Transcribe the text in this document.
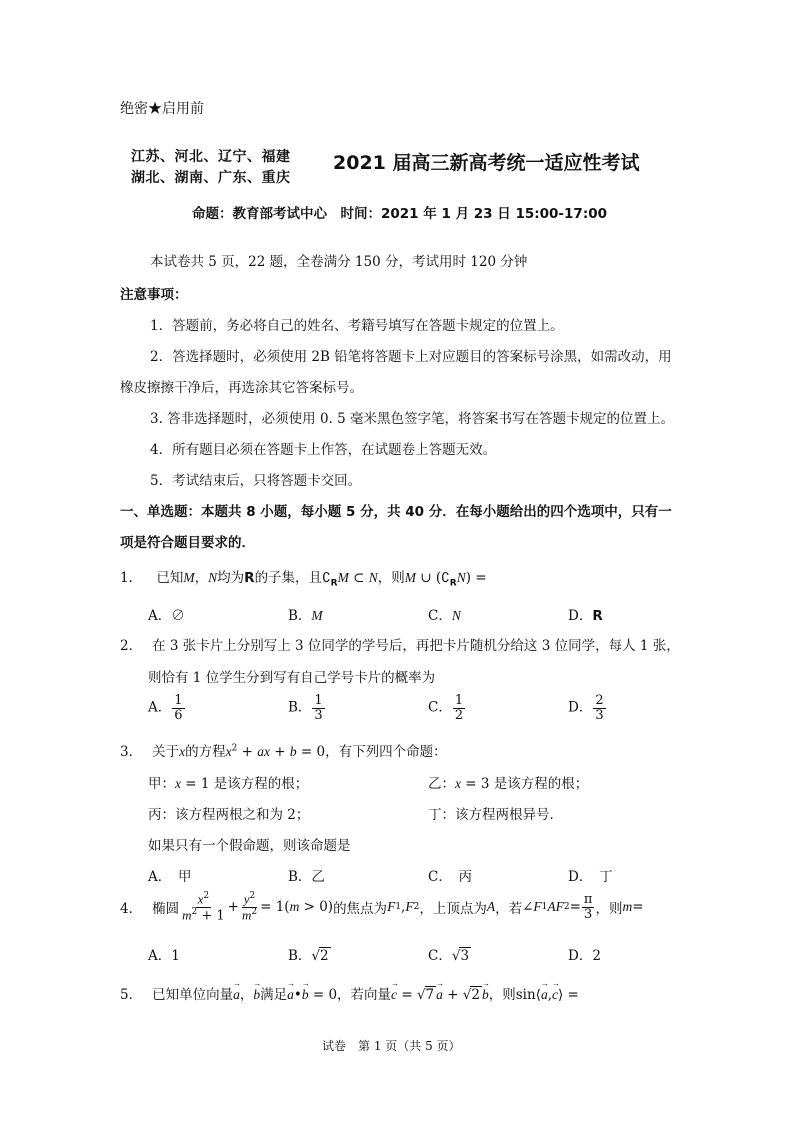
绝密★启用前
江苏、河北、辽宁、福建
湖北、湖南、广东、重庆
2021 届高三新高考统一适应性考试
命题：教育部考试中心　时间：2021 年 1 月 23 日 15:00-17:00
本试卷共 5 页，22 题，全卷满分 150 分，考试用时 120 分钟
注意事项：
1．答题前，务必将自己的姓名、考籍号填写在答题卡规定的位置上。
2．答选择题时，必须使用 2B 铅笔将答题卡上对应题目的答案标号涂黑，如需改动，用
橡皮擦擦干净后，再选涂其它答案标号。
3. 答非选择题时，必须使用 0. 5 毫米黑色签字笔，将答案书写在答题卡规定的位置上。
4．所有题目必须在答题卡上作答，在试题卷上答题无效。
5．考试结束后，只将答题卡交回。
一、单选题：本题共 8 小题，每小题 5 分，共 40 分．在每小题给出的四个选项中，只有一
项是符合题目要求的．
1． 已知M，N均为R的子集，且$∁_RM$ ⊂ N，则M ∪ $(∁_RN)$ =
A．∅	B．M	C．N	D．R
2． 在 3 张卡片上分别写上 3 位同学的学号后，再把卡片随机分给这 3 位同学，每人 1 张，
则恰有 1 位学生分到写有自己学号卡片的概率为
A． $\frac{1}{6}$	B． $\frac{1}{3}$	C． $\frac{1}{2}$	D． $\frac{2}{3}$
3． 关于x的方程$x^2$ + ax + b = 0，有下列四个命题：
甲：x = 1 是该方程的根；	乙：x = 3 是该方程的根；
丙：该方程两根之和为 2；	丁：该方程两根异号．
如果只有一个假命题，则该命题是
A．　甲	B．乙	C．　丙	D．　丁
4． 椭圆 $\frac{x^2}{m^2 + 1} + \frac{y^2}{m^2} = 1(m > 0)$ 的焦点为 F 1 , F 2 ，上顶点为 A ，若 ∠ F 1 AF $2 = \frac{\pi}{3}$ ，则 m =
A．1	B．√2	C．√3	D．2
5． 已知单位向量→ a，→ b满足→ a•→ b = 0，若向量→ c = √7 → a + √2 → b，则sin⟨→ a,→ c⟩ =
试卷　第 1 页（共 5 页）
